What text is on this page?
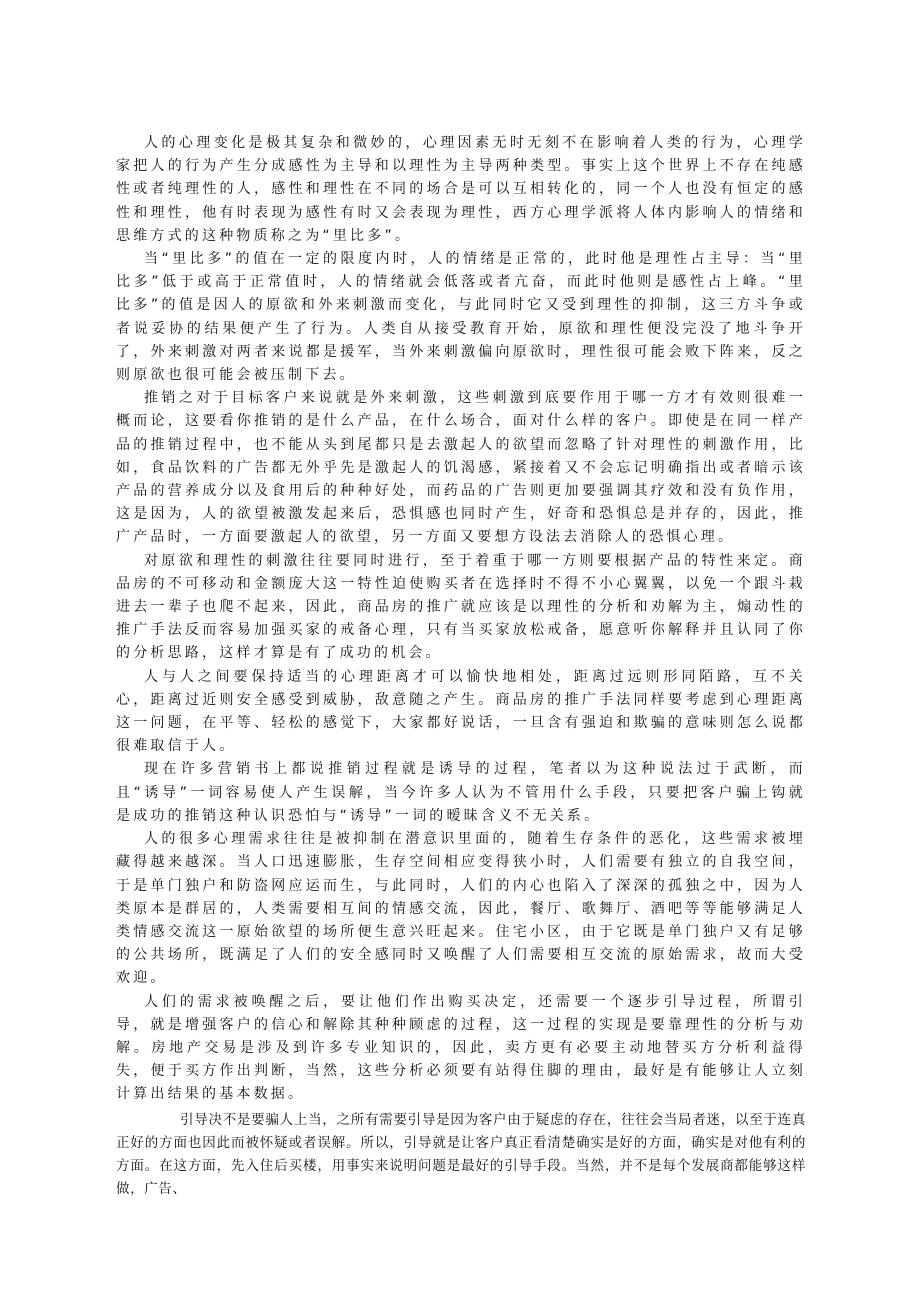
人的心理变化是极其复杂和微妙的，心理因素无时无刻不在影响着人类的行为，心理学家把人的行为产生分成感性为主导和以理性为主导两种类型。事实上这个世界上不存在纯感性或者纯理性的人，感性和理性在不同的场合是可以互相转化的，同一个人也没有恒定的感性和理性，他有时表现为感性有时又会表现为理性，西方心理学派将人体内影响人的情绪和思维方式的这种物质称之为“里比多”。

当“里比多”的值在一定的限度内时，人的情绪是正常的，此时他是理性占主导：当“里比多”低于或高于正常值时，人的情绪就会低落或者亢奋，而此时他则是感性占上峰。“里比多”的值是因人的原欲和外来刺激而变化，与此同时它又受到理性的抑制，这三方斗争或者说妥协的结果便产生了行为。人类自从接受教育开始，原欲和理性便没完没了地斗争开了，外来刺激对两者来说都是援军，当外来刺激偏向原欲时，理性很可能会败下阵来，反之则原欲也很可能会被压制下去。

推销之对于目标客户来说就是外来刺激，这些刺激到底要作用于哪一方才有效则很难一概而论，这要看你推销的是什么产品，在什么场合，面对什么样的客户。即使是在同一样产品的推销过程中，也不能从头到尾都只是去激起人的欲望而忽略了针对理性的刺激作用，比如，食品饮料的广告都无外乎先是激起人的饥渴感，紧接着又不会忘记明确指出或者暗示该产品的营养成分以及食用后的种种好处，而药品的广告则更加要强调其疗效和没有负作用，这是因为，人的欲望被激发起来后，恐惧感也同时产生，好奇和恐惧总是并存的，因此，推广产品时，一方面要激起人的欲望，另一方面又要想方设法去消除人的恐惧心理。

对原欲和理性的刺激往往要同时进行，至于着重于哪一方则要根据产品的特性来定。商品房的不可移动和金额庞大这一特性迫使购买者在选择时不得不小心翼翼，以免一个跟斗栽进去一辈子也爬不起来，因此，商品房的推广就应该是以理性的分析和劝解为主，煽动性的推广手法反而容易加强买家的戒备心理，只有当买家放松戒备，愿意听你解释并且认同了你的分析思路，这样才算是有了成功的机会。

人与人之间要保持适当的心理距离才可以愉快地相处，距离过远则形同陌路，互不关心，距离过近则安全感受到威胁，敌意随之产生。商品房的推广手法同样要考虑到心理距离这一问题，在平等、轻松的感觉下，大家都好说话，一旦含有强迫和欺骗的意味则怎么说都很难取信于人。

现在许多营销书上都说推销过程就是诱导的过程，笔者以为这种说法过于武断，而且“诱导”一词容易使人产生误解，当今许多人认为不管用什么手段，只要把客户骗上钩就是成功的推销这种认识恐怕与“诱导”一词的暧昧含义不无关系。

人的很多心理需求往往是被抑制在潜意识里面的，随着生存条件的恶化，这些需求被埋藏得越来越深。当人口迅速膨胀，生存空间相应变得狭小时，人们需要有独立的自我空间，于是单门独户和防盗网应运而生，与此同时，人们的内心也陷入了深深的孤独之中，因为人类原本是群居的，人类需要相互间的情感交流，因此，餐厅、歌舞厅、酒吧等等能够满足人类情感交流这一原始欲望的场所便生意兴旺起来。住宅小区，由于它既是单门独户又有足够的公共场所，既满足了人们的安全感同时又唤醒了人们需要相互交流的原始需求，故而大受欢迎。

人们的需求被唤醒之后，要让他们作出购买决定，还需要一个逐步引导过程，所谓引导，就是增强客户的信心和解除其种种顾虑的过程，这一过程的实现是要靠理性的分析与劝解。房地产交易是涉及到许多专业知识的，因此，卖方更有必要主动地替买方分析利益得失，便于买方作出判断，当然，这些分析必须要有站得住脚的理由，最好是有能够让人立刻计算出结果的基本数据。

引导决不是要骗人上当，之所有需要引导是因为客户由于疑虑的存在，往往会当局者迷，以至于连真正好的方面也因此而被怀疑或者误解。所以，引导就是让客户真正看清楚确实是好的方面，确实是对他有利的方面。在这方面，先入住后买楼，用事实来说明问题是最好的引导手段。当然，并不是每个发展商都能够这样做，广告、
